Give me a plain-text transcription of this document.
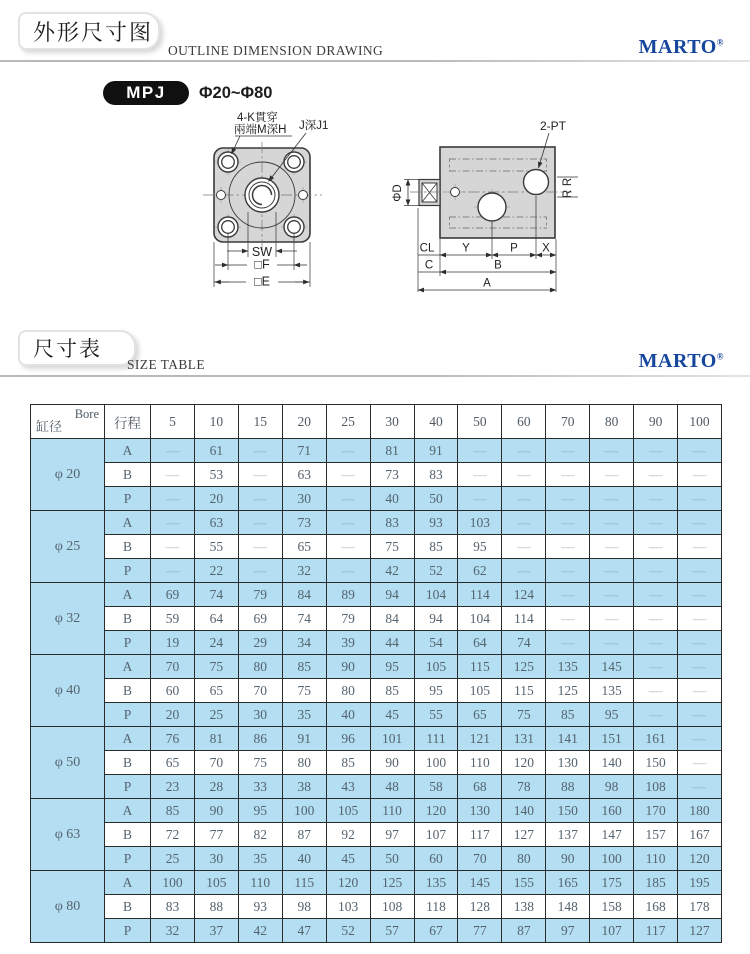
外形尺寸图
OUTLINE DIMENSION DRAWING	MARTO®
MPJ	Φ20~Φ80
4-K貫穿
兩端M深H J深J1
SW
□F
□E
2-PT
ΦD
R
R
CL Y	P X
C	B
A
尺寸表
SIZE TABLE	MARTO®
Bore
缸径	行程	5	10	15	20	25	30	40	50	60	70	80	90	100
φ 20	A	—	61	—	71	—	81	91	—	—	—	—	—	—
	B	—	53	—	63	—	73	83	—	—	—	—	—	—
	P	—	20	—	30	—	40	50	—	—	—	—	—	—
φ 25	A	—	63	—	73	—	83	93	103	—	—	—	—	—
	B	—	55	—	65	—	75	85	95	—	—	—	—	—
	P	—	22	—	32	—	42	52	62	—	—	—	—	—
φ 32	A	69	74	79	84	89	94	104	114	124	—	—	—	—
	B	59	64	69	74	79	84	94	104	114	—	—	—	—
	P	19	24	29	34	39	44	54	64	74	—	—	—	—
φ 40	A	70	75	80	85	90	95	105	115	125	135	145	—	—
	B	60	65	70	75	80	85	95	105	115	125	135	—	—
	P	20	25	30	35	40	45	55	65	75	85	95	—	—
φ 50	A	76	81	86	91	96	101	111	121	131	141	151	161	—
	B	65	70	75	80	85	90	100	110	120	130	140	150	—
	P	23	28	33	38	43	48	58	68	78	88	98	108	—
φ 63	A	85	90	95	100	105	110	120	130	140	150	160	170	180
	B	72	77	82	87	92	97	107	117	127	137	147	157	167
	P	25	30	35	40	45	50	60	70	80	90	100	110	120
φ 80	A	100	105	110	115	120	125	135	145	155	165	175	185	195
	B	83	88	93	98	103	108	118	128	138	148	158	168	178
	P	32	37	42	47	52	57	67	77	87	97	107	117	127
